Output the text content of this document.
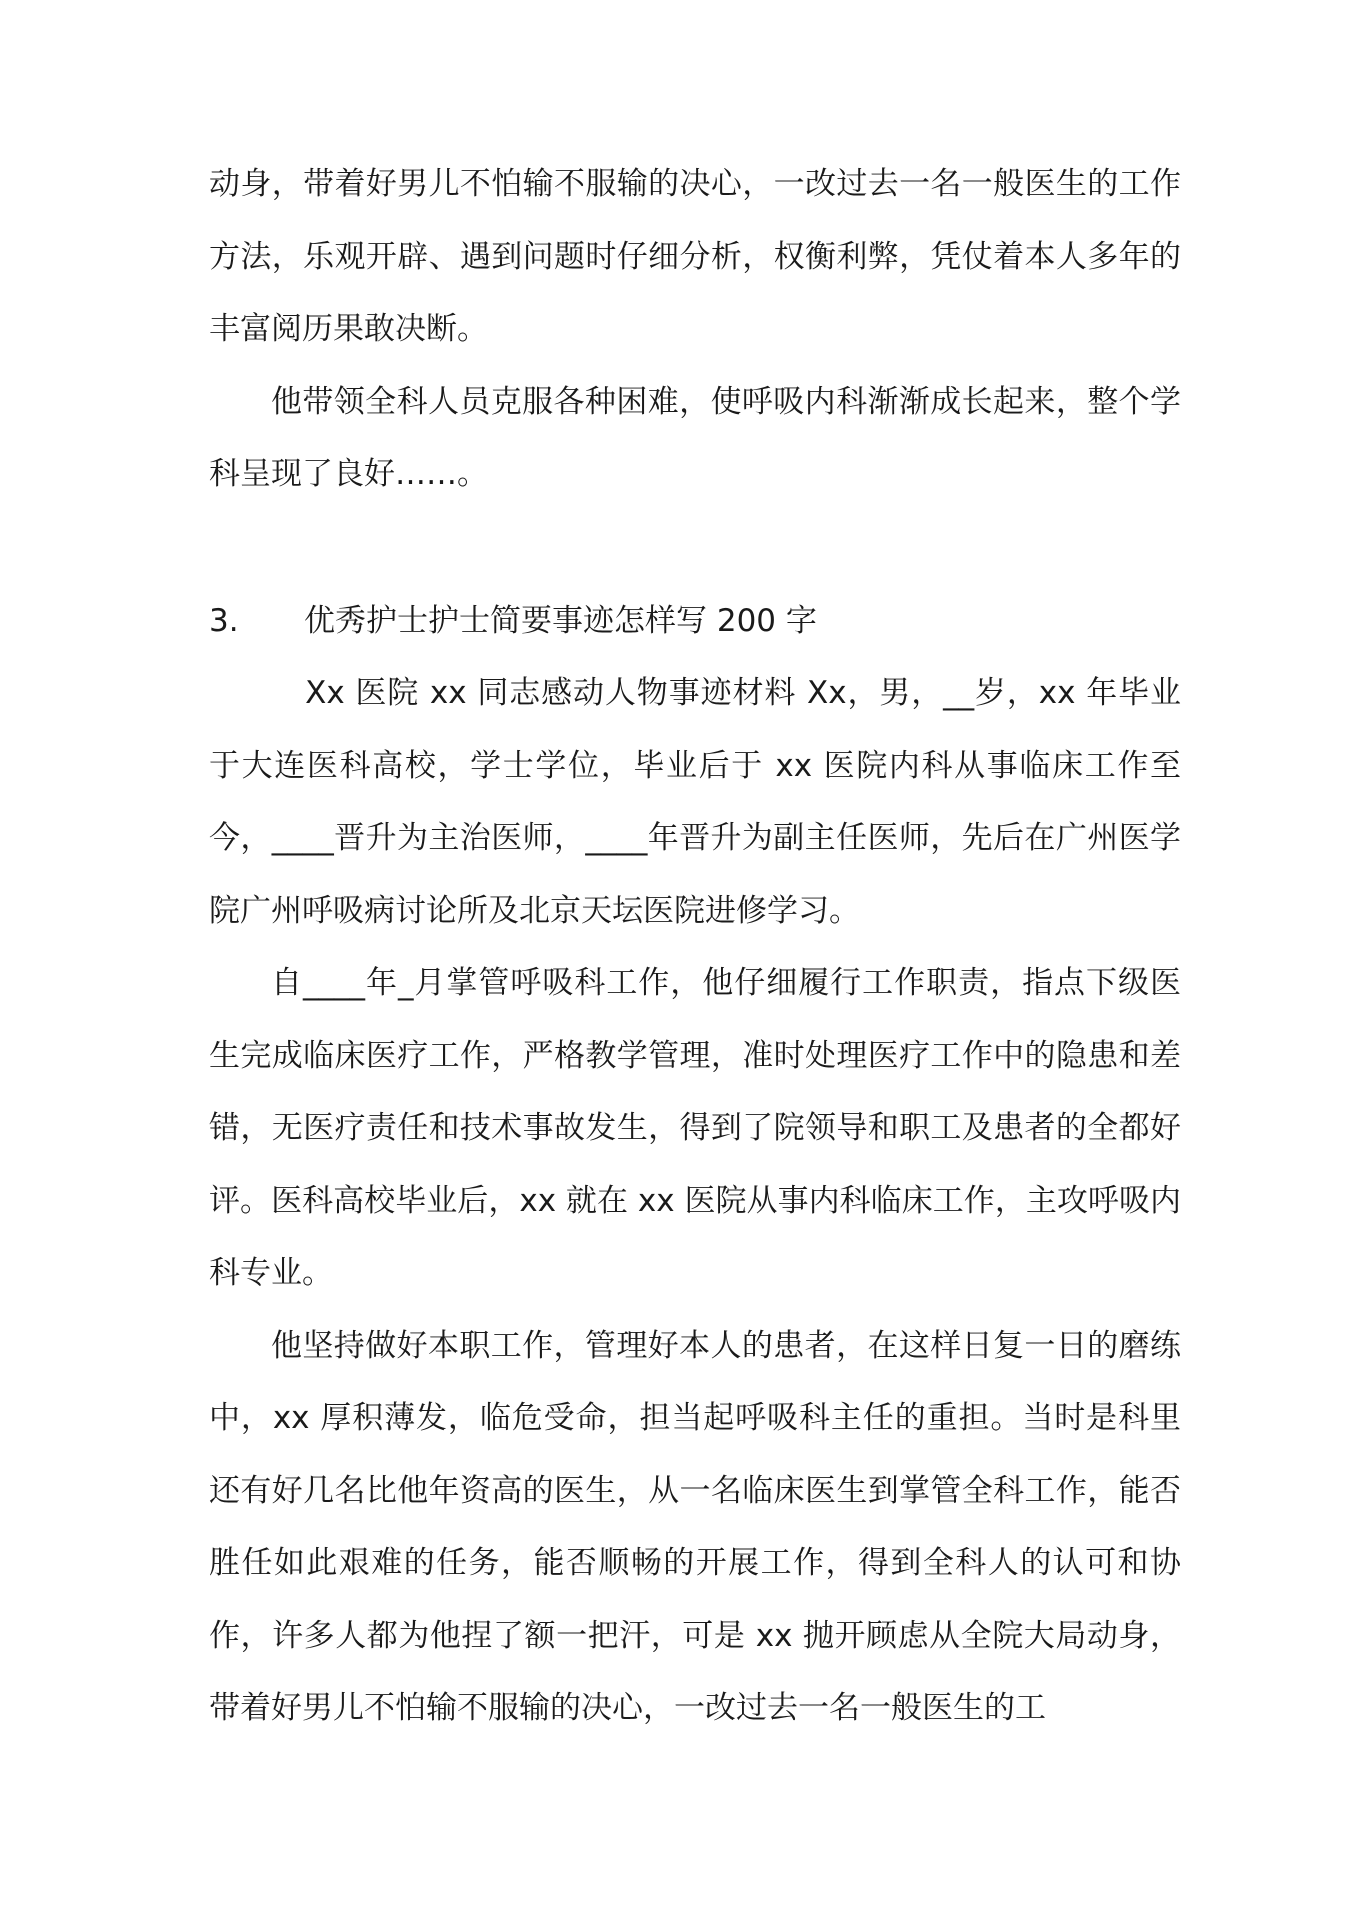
动身，带着好男儿不怕输不服输的决心，一改过去一名一般医生的工作方法，乐观开辟、遇到问题时仔细分析，权衡利弊，凭仗着本人多年的丰富阅历果敢决断。

他带领全科人员克服各种困难，使呼吸内科渐渐成长起来，整个学科呈现了良好……。

3.	优秀护士护士简要事迹怎样写 200 字

Xx 医院 xx 同志感动人物事迹材料 Xx，男，__岁，xx 年毕业于大连医科高校，学士学位，毕业后于 xx 医院内科从事临床工作至今，____晋升为主治医师，____年晋升为副主任医师，先后在广州医学院广州呼吸病讨论所及北京天坛医院进修学习。

自____年_月掌管呼吸科工作，他仔细履行工作职责，指点下级医生完成临床医疗工作，严格教学管理，准时处理医疗工作中的隐患和差错，无医疗责任和技术事故发生，得到了院领导和职工及患者的全都好评。医科高校毕业后，xx 就在 xx 医院从事内科临床工作，主攻呼吸内科专业。

他坚持做好本职工作，管理好本人的患者，在这样日复一日的磨练中，xx 厚积薄发，临危受命，担当起呼吸科主任的重担。当时是科里还有好几名比他年资高的医生，从一名临床医生到掌管全科工作，能否胜任如此艰难的任务，能否顺畅的开展工作，得到全科人的认可和协作，许多人都为他捏了额一把汗，可是 xx 抛开顾虑从全院大局动身，带着好男儿不怕输不服输的决心，一改过去一名一般医生的工
